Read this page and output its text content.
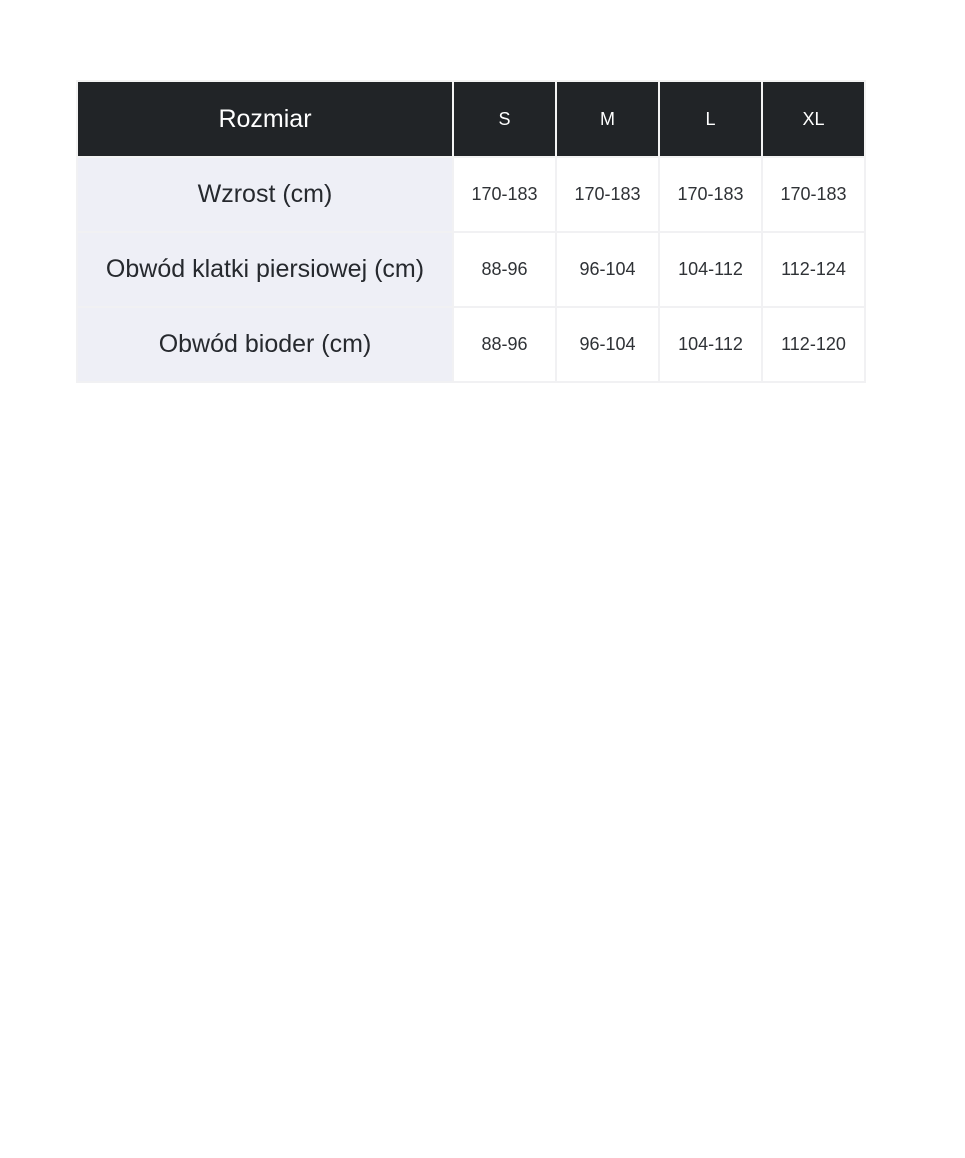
Rozmiar	S	M	L	XL
Wzrost (cm)	170-183	170-183	170-183	170-183
Obwód klatki piersiowej (cm)	88-96	96-104	104-112	112-124
Obwód bioder (cm)	88-96	96-104	104-112	112-120
